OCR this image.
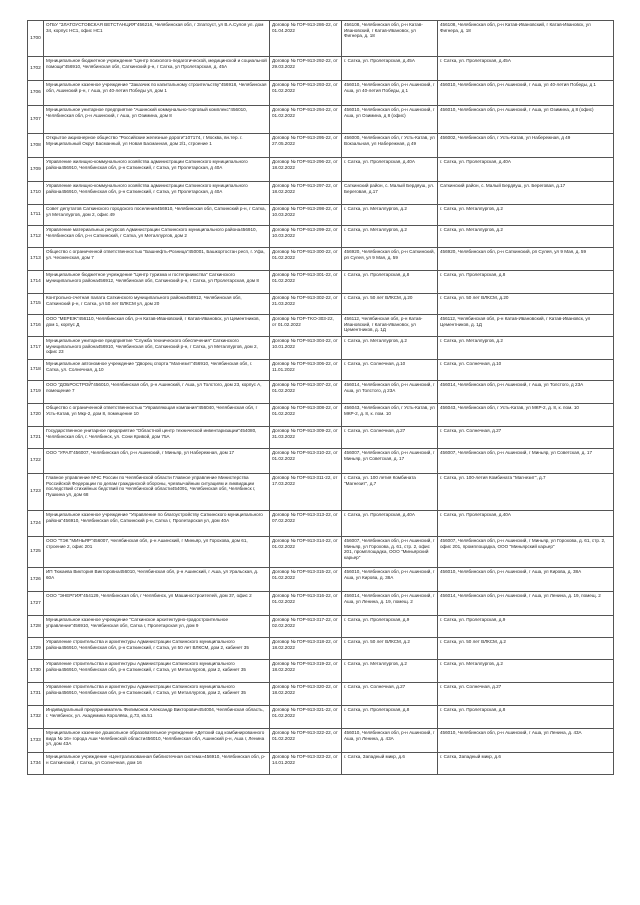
1700	ОГБУ "ЗЛАТОУСТОВСКАЯ ВЕТСТАНЦИЯ"456216, Челябинская обл, г Златоуст, ул В.А.Сулоя ул. дом 34, корпус НС1, офис НС1	Договор № ГОР-913-286-22, от 01.04.2022	456108, Челябинская обл, р-н Катав-Ивановский, г Катав-Ивановск, ул Фигнера, д. 18	456108, Челябинская обл, р-н Катав-Ивановский, г Катав-Ивановск, ул Фигнера, д. 18
1702	Муниципальное бюджетное учреждение "Центр психолого-педагогической, медицинской и социальной помощи"456910, Челябинская обл, Саткинский р-н, г Сатка, ул Пролетарская, д. 45А	Договор № ГОР-913-292-22, от 29.03.2022	г. Сатка, ул. Пролетарская, д.45А	г. Сатка, ул. Пролетарская, д.45А
1706	Муниципальное казенное учреждение "Заказчик по капитальному строительству"456918, Челябинская обл, Ашинский р-н, г Аша, ул 40-летия Победы ул, дом 1	Договор № ГОР-913-293-22, от 01.02.2022	456010, Челябинская обл, р-н Ашинский, г Аша, ул 40-летия Победы, д 1	456010, Челябинская обл, р-н Ашинский, г Аша, ул 40-летия Победы, д 1
1707	Муниципальное унитарное предприятие "Ашинский коммунально-торговый комплекс"456010, Челябинская обл, р-н Ашинский, г Аша, ул Озимина, дом 8	Договор № ГОР-913-294-22, от 01.02.2022	456010, Челябинская обл, р-н Ашинский, г Аша, ул Озимина, д 8 (офис)	456010, Челябинская обл, р-н Ашинский, г Аша, ул Озимина, д 8 (офис)
1708	Открытое акционерное общество "Российские железные дороги"107174, г Москва, вн.тер. г. Муниципальный Округ Басманный, ул Новая Басманная, дом 2/1, строение 1	Договор № ГОР-913-295-22, от 27.05.2022	456000, Челябинская обл, г Усть-Катав, ул Вокзальная, ул Набережная, д 49	456002, Челябинская обл, г Усть-Катав, ул Набережная, д 49
1709	Управление жилищно-коммунального хозяйства администрации Саткинского муниципального района456910, Челябинская обл, р-н Саткинский, г Сатка, ул Пролетарская, д 40А	Договор № ГОР-913-296-22, от 18.02.2022	г. Сатка, ул. Пролетарская, д.40А	г. Сатка, ул. Пролетарская, д.40А
1710	Управление жилищно-коммунального хозяйства администрации Саткинского муниципального района456910, Челябинская обл, р-н Саткинский, г Сатка, ул Пролетарская, д 40А	Договор № ГОР-913-297-22, от 18.02.2022	Саткинский район, с. Малый Бердяуш, ул. Береговая, д.17	Саткинский район, с. Малый Бердяуш, ул. Береговая, д.17
1711	Совет депутатов Саткинского городского поселения456910, Челябинская обл, Саткинский р-н, г Сатка, ул Металлургов, дом 2, офис 49	Договор № ГОР-913-298-22, от 10.03.2022	г. Сатка, ул. Металлургов, д.2	г. Сатка, ул. Металлургов, д.2
1712	Управление материальных ресурсов Администрации Саткинского муниципального района456910, Челябинская обл, р-н Саткинский, г Сатка, ул Металлургов, дом 2	Договор № ГОР-913-299-22, от 10.03.2022	г. Сатка, ул. Металлургов, д.2	г. Сатка, ул. Металлургов, д.2
1713	Общество с ограниченной ответственностью "Башнефть-Розница"450001, Башкортостан респ, г. Уфа, ул. Чесменская, дом 7	Договор № ГОР-913-300-22, от 01.02.2022	456920, Челябинская обл, р-н Саткинский, рп Сулея, ул 9 Мая, д. 59	456920, Челябинская обл, р-н Саткинский, рп Сулея, ул 9 Мая, д. 59
1714	Муниципальное бюджетное учреждение "Центр туризма и гостеприимства" Саткинского муниципального района456912, Челябинская обл, Саткинский р-н, г Сатка, ул Пролетарская, дом 8	Договор № ГОР-913-301-22, от 01.02.2022	г. Сатка, ул. Пролетарская, д.8	г. Сатка, ул. Пролетарская, д.8
1715	Контрольно-счетная палата Саткинского муниципального района456912, Челябинская обл, Саткинский р-н, г Сатка, ул 50 лет ВЛКСМ ул, дом 20	Договор № ГОР-913-302-22, от 21.03.2022	г. Сатка, ул. 50 лет ВЛКСМ, д.20	г. Сатка, ул. 50 лет ВЛКСМ, д.20
1716	ООО "МЕРЕЖ"456110, Челябинская обл, р-н Катав-Ивановский, г Катав-Ивановск, ул Цементников, дом 1, корпус Д	Договор № ГОР-TKO-303-22, от 01.02.2022	456112, Челябинская обл, р-н Катав-Ивановский, г Катав-Ивановск, ул Цементников, д. 1Д	456112, Челябинская обл, р-н Катав-Ивановский, г Катав-Ивановск, ул Цементников, д. 1Д
1717	Муниципальное унитарное предприятие "Служба технического обеспечения" Саткинского муниципального района456910, Челябинская обл, Саткинский р-н, г Сатка, ул Металлургов, дом 2, офис 23	Договор № ГОР-913-304-22, от 10.01.2022	г. Сатка, ул. Металлургов, д.2	г. Сатка, ул. Металлургов, д.2
1718	Муниципальное автономное учреждение "Дворец спорта "Магнезит"456910, Челябинская обл, г. Сатка, ул. Солнечная, д.10	Договор № ГОР-913-306-22, от 11.01.2022	г. Сатка, ул. Солнечная, д.10	г. Сатка, ул. Солнечная, д.10
1719	ООО "ДОБРОСТРОЙ"456010, Челябинская обл, р-н Ашинский, г Аша, ул Толстого, дом 23, корпус А, помещение 7	Договор № ГОР-913-307-22, от 01.02.2022	456014, Челябинская обл, р-н Ашинский, г Аша, ул Толстого, д 23А	456014, Челябинская обл, р-н Ашинский, г Аша, ул Толстого, д 23А
1720	Общество с ограниченной ответственностью "Управляющая компания"456040, Челябинская обл, г Усть-Катав, ул Мкр-2, дом 8, помещение 10	Договор № ГОР-913-308-22, от 01.02.2022	456043, Челябинская обл, г Усть-Катав, ул МКР-2, д. 8, к. пом. 10	456043, Челябинская обл, г Усть-Катав, ул МКР-2, д. 8, к. пом. 10
1721	Государственное унитарное предприятие "Областной центр технической инвентаризации"454080, Челябинская обл, г. Челябинск, ул. Сони Кривой, дом 75А	Договор № ГОР-913-309-22, от 31.03.2022	г. Сатка, ул. Солнечная, д.27	г. Сатка, ул. Солнечная, д.27
1722	ООО "УРАЛ"456007, Челябинская обл, р-н Ашинский, г Миньяр, ул Набережная, дом 17	Договор № ГОР-913-310-22, от 01.02.2022	456007, Челябинская обл, р-н Ашинский, г Миньяр, ул Советская, д. 17	456007, Челябинская обл, р-н Ашинский, г Миньяр, ул Советская, д. 17
1723	Главное управление МЧС России по Челябинской области Главное управление Министерства Российской Федерации по делам гражданской обороны, чрезвычайным ситуациям и ликвидации последствий стихийных бедствий по Челябинской области454091, Челябинская обл, Челябинск г, Пушкина ул, дом 68	Договор № ГОР-913-311-22, от 17.03.2022	г. Сатка, ул. 100 летия Комбината "Магнезит", д.7	г. Сатка, ул. 100-летия Комбината "Магнезит", д.7
1724	Муниципальное казенное учреждение "Управление по благоустройству Саткинского муниципального района"456910, Челябинская обл, Саткинский р-н, Сатка г, Пролетарская ул, дом 40А	Договор № ГОР-913-313-22, от 07.02.2022	г. Сатка, ул. Пролетарская, д.40А	г. Сатка, ул. Пролетарская, д.40А
1725	ООО "ТЭК "МИНЬЯР"456007, Челябинская обл, р-н Ашинский, г Миньяр, ул Горохова, дом 61, строение 2, офис 201	Договор № ГОР-913-314-22, от 01.02.2022	456007, Челябинская обл, р-н Ашинский, г Миньяр, ул Горохова, д. 61, стр. 2, офис 201, промплощадка, ООО "Миньярский карьер"	456007, Челябинская обл, р-н Ашинский, г Миньяр, ул Горохова, д. 61, стр. 2, офис 201, промплощадка, ООО "Миньярский карьер"
1726	ИП Тюкаева Виктория Викторовна456010, Челябинская обл, р-н Ашинский, г Аша, ул Уральская, д. 60А	Договор № ГОР-913-315-22, от 01.02.2022	456010, Челябинская обл, р-н Ашинский, г Аша, ул Кирова, д. 38А	456010, Челябинская обл, р-н Ашинский, г Аша, ул Кирова, д. 38А
1727	ООО "ЭНЕРГИЯ"454129, Челябинская обл, г Челябинск, ул Машиностроителей, дом 37, офис 2	Договор № ГОР-913-316-22, от 01.02.2022	456014, Челябинская обл, р-н Ашинский, г Аша, ул Ленина, д. 19, помещ. 2	456014, Челябинская обл, р-н Ашинский, г Аша, ул Ленина, д. 19, помещ. 2
1728	Муниципальное казенное учреждение "Саткинское архитектурно-градостроительное управление"456910, Челябинская обл, Сатка г, Пролетарская ул, дом 9	Договор № ГОР-913-317-22, от 02.02.2022	г. Сатка, ул. Пролетарская, д.9	г. Сатка, ул. Пролетарская, д.9
1729	Управление строительства и архитектуры Администрации Саткинского муниципального района456910, Челябинская обл, р-н Саткинский, г Сатка, ул 50 лет ВЛКСМ, дом 2, кабинет 35	Договор № ГОР-913-318-22, от 18.02.2022	г. Сатка, ул. 50 лет ВЛКСМ, д.2	г. Сатка, ул. 50 лет ВЛКСМ, д.2
1730	Управление строительства и архитектуры Администрации Саткинского муниципального района456910, Челябинская обл, р-н Саткинский, г Сатка, ул Металлургов, дом 2, кабинет 35	Договор № ГОР-913-319-22, от 18.02.2022	г. Сатка, ул. Металлургов, д.2	г. Сатка, ул. Металлургов, д.2
1731	Управление строительства и архитектуры Администрации Саткинского муниципального района456910, Челябинская обл, р-н Саткинский, г Сатка, ул Металлургов, дом 2, кабинет 35	Договор № ГОР-913-320-22, от 18.02.2022	г. Сатка, ул. Солнечная, д.27	г. Сатка, ул. Солнечная, д.27
1732	Индивидуальный предприниматель Филимонов Александр Викторович454004, Челябинская область, г. Челябинск, ул. Академика Королёва, д.73, кв.51	Договор № ГОР-913-321-22, от 01.02.2022	г. Сатка, ул. Пролетарская, д.8	г. Сатка, ул. Пролетарская, д.8
1733	Муниципальное казенное дошкольное образовательное учреждение «Детский сад комбинированного вида № 16» города Аши Челябинской области456010, Челябинская обл, Ашинский р-н, Аша г, Ленина ул, дом 43А	Договор № ГОР-913-322-22, от 01.02.2022	456010, Челябинская обл, р-н Ашинский, г Аша, ул Ленина, д. 43А	456010, Челябинская обл, р-н Ашинский, г Аша, ул Ленина, д. 43А
1734	Муниципальное учреждение «Централизованная библиотечная система»456910, Челябинская обл, р-н Саткинский, г Сатка, ул Солнечная, дом 16	Договор № ГОР-913-323-22, от 14.01.2022	г. Сатка, Западный микр, д.6	г. Сатка, Западный микр, д.6
